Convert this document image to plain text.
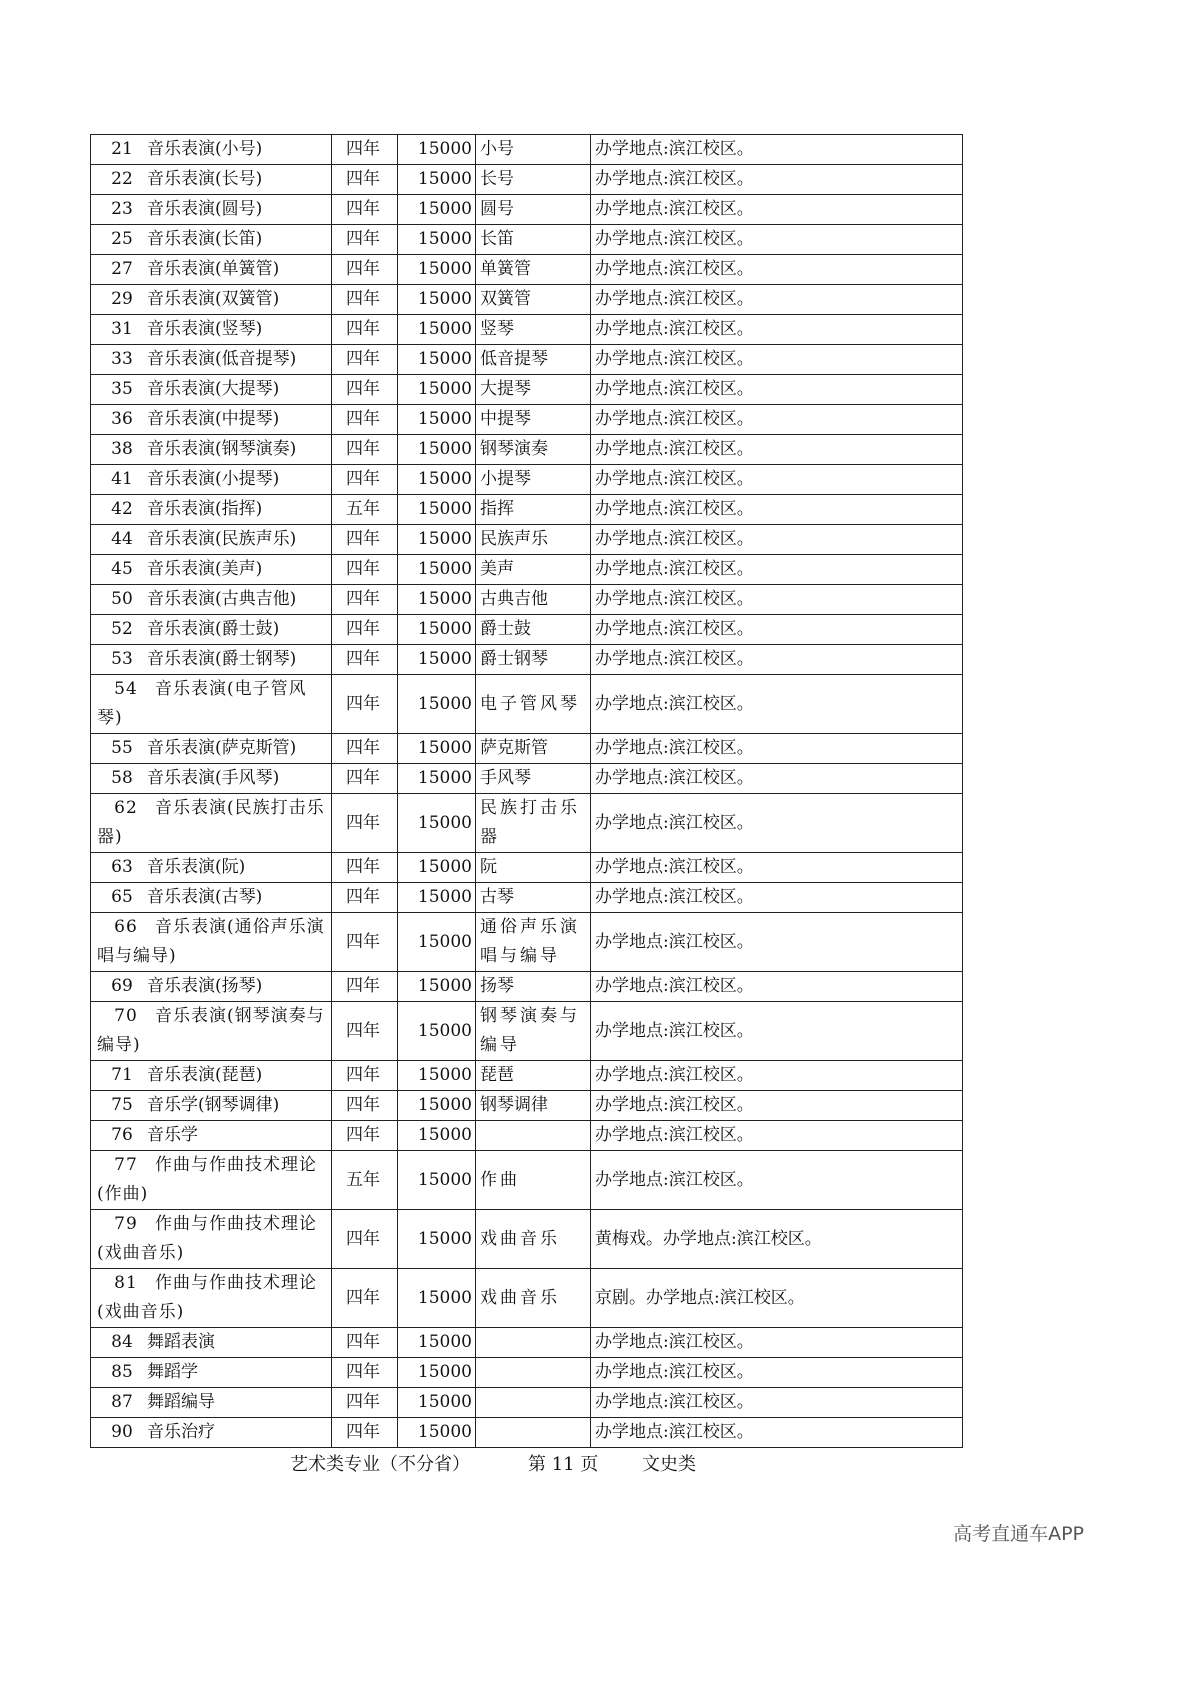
21 音乐表演(小号)	四年	15000	小号	办学地点:滨江校区。
22 音乐表演(长号)	四年	15000	长号	办学地点:滨江校区。
23 音乐表演(圆号)	四年	15000	圆号	办学地点:滨江校区。
25 音乐表演(长笛)	四年	15000	长笛	办学地点:滨江校区。
27 音乐表演(单簧管)	四年	15000	单簧管	办学地点:滨江校区。
29 音乐表演(双簧管)	四年	15000	双簧管	办学地点:滨江校区。
31 音乐表演(竖琴)	四年	15000	竖琴	办学地点:滨江校区。
33 音乐表演(低音提琴)	四年	15000	低音提琴	办学地点:滨江校区。
35 音乐表演(大提琴)	四年	15000	大提琴	办学地点:滨江校区。
36 音乐表演(中提琴)	四年	15000	中提琴	办学地点:滨江校区。
38 音乐表演(钢琴演奏)	四年	15000	钢琴演奏	办学地点:滨江校区。
41 音乐表演(小提琴)	四年	15000	小提琴	办学地点:滨江校区。
42 音乐表演(指挥)	五年	15000	指挥	办学地点:滨江校区。
44 音乐表演(民族声乐)	四年	15000	民族声乐	办学地点:滨江校区。
45 音乐表演(美声)	四年	15000	美声	办学地点:滨江校区。
50 音乐表演(古典吉他)	四年	15000	古典吉他	办学地点:滨江校区。
52 音乐表演(爵士鼓)	四年	15000	爵士鼓	办学地点:滨江校区。
53 音乐表演(爵士钢琴)	四年	15000	爵士钢琴	办学地点:滨江校区。
54 音乐表演(电子管风琴)	四年	15000	电子管风琴	办学地点:滨江校区。
55 音乐表演(萨克斯管)	四年	15000	萨克斯管	办学地点:滨江校区。
58 音乐表演(手风琴)	四年	15000	手风琴	办学地点:滨江校区。
62 音乐表演(民族打击乐器)	四年	15000	民族打击乐器	办学地点:滨江校区。
63 音乐表演(阮)	四年	15000	阮	办学地点:滨江校区。
65 音乐表演(古琴)	四年	15000	古琴	办学地点:滨江校区。
66 音乐表演(通俗声乐演唱与编导)	四年	15000	通俗声乐演唱与编导	办学地点:滨江校区。
69 音乐表演(扬琴)	四年	15000	扬琴	办学地点:滨江校区。
70 音乐表演(钢琴演奏与编导)	四年	15000	钢琴演奏与编导	办学地点:滨江校区。
71 音乐表演(琵琶)	四年	15000	琵琶	办学地点:滨江校区。
75 音乐学(钢琴调律)	四年	15000	钢琴调律	办学地点:滨江校区。
76 音乐学	四年	15000		办学地点:滨江校区。
77 作曲与作曲技术理论(作曲)	五年	15000	作曲	办学地点:滨江校区。
79 作曲与作曲技术理论(戏曲音乐)	四年	15000	戏曲音乐	黄梅戏。办学地点:滨江校区。
81 作曲与作曲技术理论(戏曲音乐)	四年	15000	戏曲音乐	京剧。办学地点:滨江校区。
84 舞蹈表演	四年	15000		办学地点:滨江校区。
85 舞蹈学	四年	15000		办学地点:滨江校区。
87 舞蹈编导	四年	15000		办学地点:滨江校区。
90 音乐治疗	四年	15000		办学地点:滨江校区。
艺术类专业（不分省）	第 11 页 文史类
高考直通车APP
